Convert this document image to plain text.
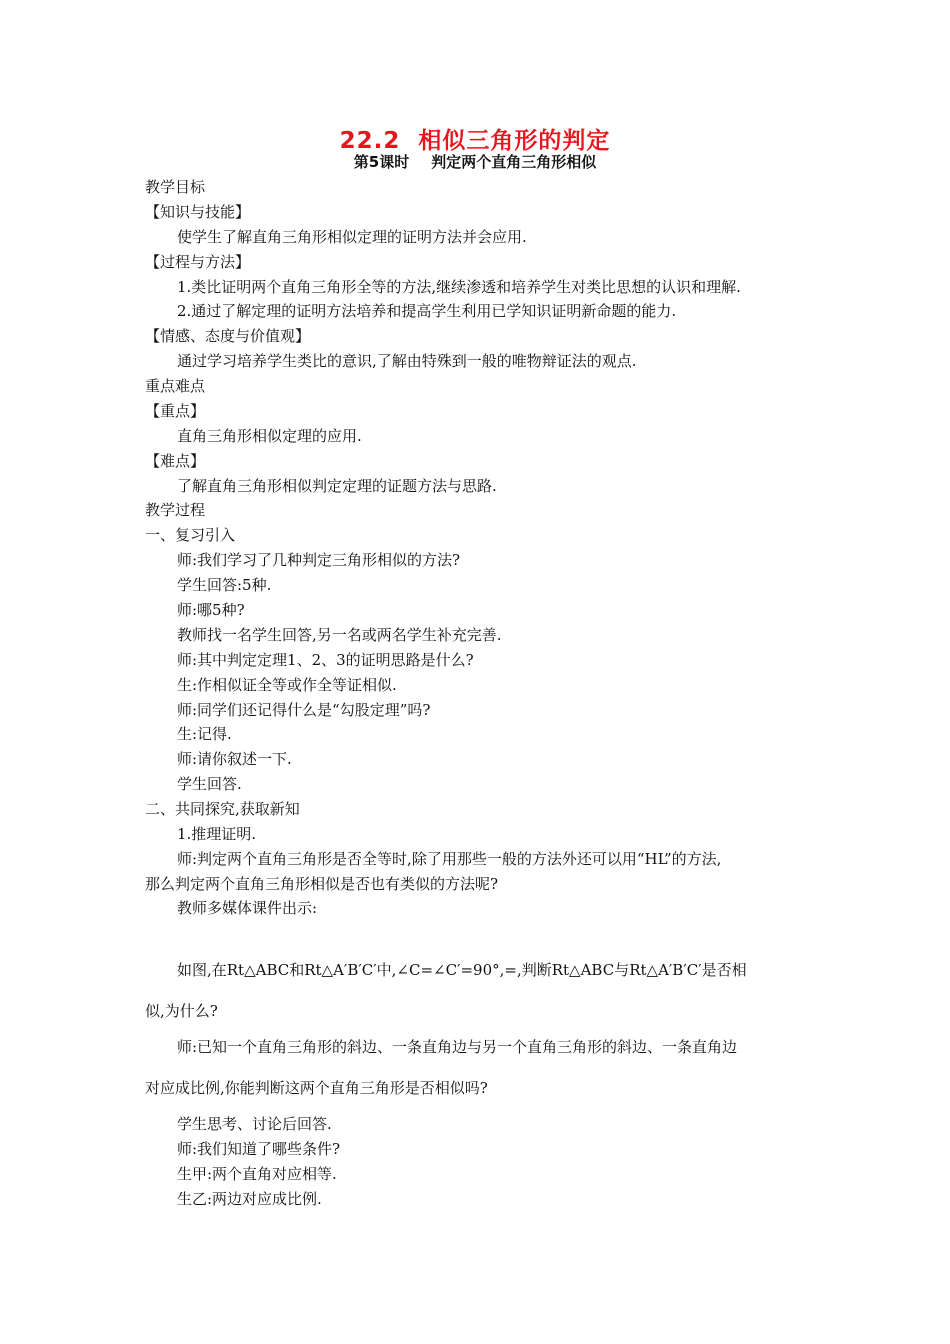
22.2 相似三角形的判定
第5课时 判定两个直角三角形相似
教学目标
【知识与技能】
使学生了解直角三角形相似定理的证明方法并会应用.
【过程与方法】
1.类比证明两个直角三角形全等的方法,继续渗透和培养学生对类比思想的认识和理解.
2.通过了解定理的证明方法培养和提高学生利用已学知识证明新命题的能力.
【情感、态度与价值观】
通过学习培养学生类比的意识,了解由特殊到一般的唯物辩证法的观点.
重点难点
【重点】
直角三角形相似定理的应用.
【难点】
了解直角三角形相似判定定理的证题方法与思路.
教学过程
一、复习引入
师:我们学习了几种判定三角形相似的方法?
学生回答:5种.
师:哪5种?
教师找一名学生回答,另一名或两名学生补充完善.
师:其中判定定理1、2、3的证明思路是什么?
生:作相似证全等或作全等证相似.
师:同学们还记得什么是“勾股定理”吗?
生:记得.
师:请你叙述一下.
学生回答.
二、共同探究,获取新知
1.推理证明.
师:判定两个直角三角形是否全等时,除了用那些一般的方法外还可以用“HL”的方法,
那么判定两个直角三角形相似是否也有类似的方法呢?
教师多媒体课件出示:
如图,在Rt△ABC和Rt△A′B′C′中,∠C=∠C′=90°,=,判断Rt△ABC与Rt△A′B′C′是否相
似,为什么?
师:已知一个直角三角形的斜边、一条直角边与另一个直角三角形的斜边、一条直角边
对应成比例,你能判断这两个直角三角形是否相似吗?
学生思考、讨论后回答.
师:我们知道了哪些条件?
生甲:两个直角对应相等.
生乙:两边对应成比例.
